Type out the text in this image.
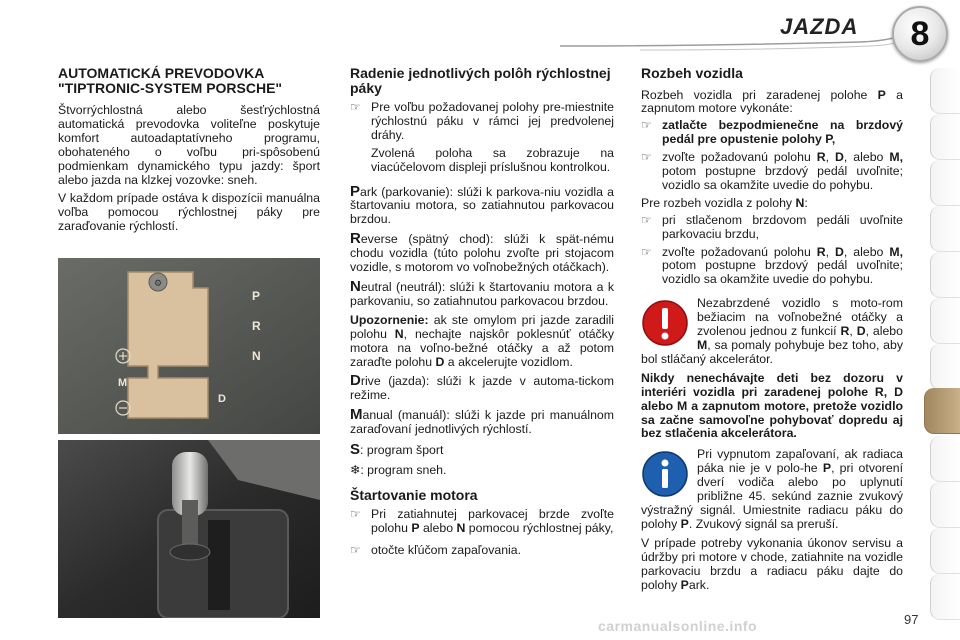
JAZDA	8
AUTOMATICKÁ PREVODOVKA "TIPTRONIC-SYSTEM PORSCHE"

Štvorrýchlostná alebo šesťrýchlostná automatická prevodovka voliteľne poskytuje komfort autoadaptatívneho programu, obohateného o voľbu pri-spôsobenú podmienkam dynamického typu jazdy: šport alebo jazda na klzkej vozovke: sneh.

V každom prípade ostáva k dispozícii manuálna voľba pomocou rýchlostnej páky pre zaraďovanie rýchlostí.

⚙
P
R
N
D
M
Radenie jednotlivých polôh rýchlostnej páky
☞ Pre voľbu požadovanej polohy pre-miestnite rýchlostnú páku v rámci jej predvolenej dráhy.
Zvolená poloha sa zobrazuje na viacúčelovom displeji príslušnou kontrolkou.

Park (parkovanie): slúži k parkova-niu vozidla a štartovaniu motora, so zatiahnutou parkovacou brzdou.

Reverse (spätný chod): slúži k spät-nému chodu vozidla (túto polohu zvoľte pri stojacom vozidle, s motorom vo voľnobežných otáčkach).

Neutral (neutrál): slúži k štartovaniu motora a k parkovaniu, so zatiahnutou parkovacou brzdou.

Upozornenie: ak ste omylom pri jazde zaradili polohu N, nechajte najskôr poklesnúť otáčky motora na voľno-bežné otáčky a až potom zaraďte polohu D a akcelerujte vozidlom.

Drive (jazda): slúži k jazde v automa-tickom režime.

Manual (manuál): slúži k jazde pri manuálnom zaraďovaní jednotlivých rýchlostí.

S: program šport

❄: program sneh.

Štartovanie motora
☞ Pri zatiahnutej parkovacej brzde zvoľte polohu P alebo N pomocou rýchlostnej páky,
☞ otočte kľúčom zapaľovania.
Rozbeh vozidla

Rozbeh vozidla pri zaradenej polohe P a zapnutom motore vykonáte:

☞ zatlačte bezpodmienečne na brzdový pedál pre opustenie polohy P,
☞ zvoľte požadovanú polohu R, D, alebo M, potom postupne brzdový pedál uvoľnite; vozidlo sa okamžite uvedie do pohybu.

Pre rozbeh vozidla z polohy N:

☞ pri stlačenom brzdovom pedáli uvoľnite parkovaciu brzdu,
☞ zvoľte požadovanú polohu R, D, alebo M, potom postupne brzdový pedál uvoľnite; vozidlo sa okamžite uvedie do pohybu.

Nezabrzdené vozidlo s moto-rom bežiacim na voľnobežné otáčky a zvolenou jednou z funkcií R, D, alebo M, sa pomaly pohybuje bez toho, aby bol stláčaný akcelerátor.

Nikdy nenechávajte deti bez dozoru v interiéri vozidla pri zaradenej polohe R, D alebo M a zapnutom motore, pretože vozidlo sa začne samovoľne pohybovať dopredu aj bez stlačenia akcelerátora.

Pri vypnutom zapaľovaní, ak radiaca páka nie je v polo-he P, pri otvorení dverí vodiča alebo po uplynutí približne 45. sekúnd zaznie zvukový výstražný signál. Umiestnite radiacu páku do polohy P. Zvukový signál sa preruší.

V prípade potreby vykonania úkonov servisu a údržby pri motore v chode, zatiahnite na vozidle parkovaciu brzdu a radiacu páku dajte do polohy Park.

carmanualsonline.info	97
